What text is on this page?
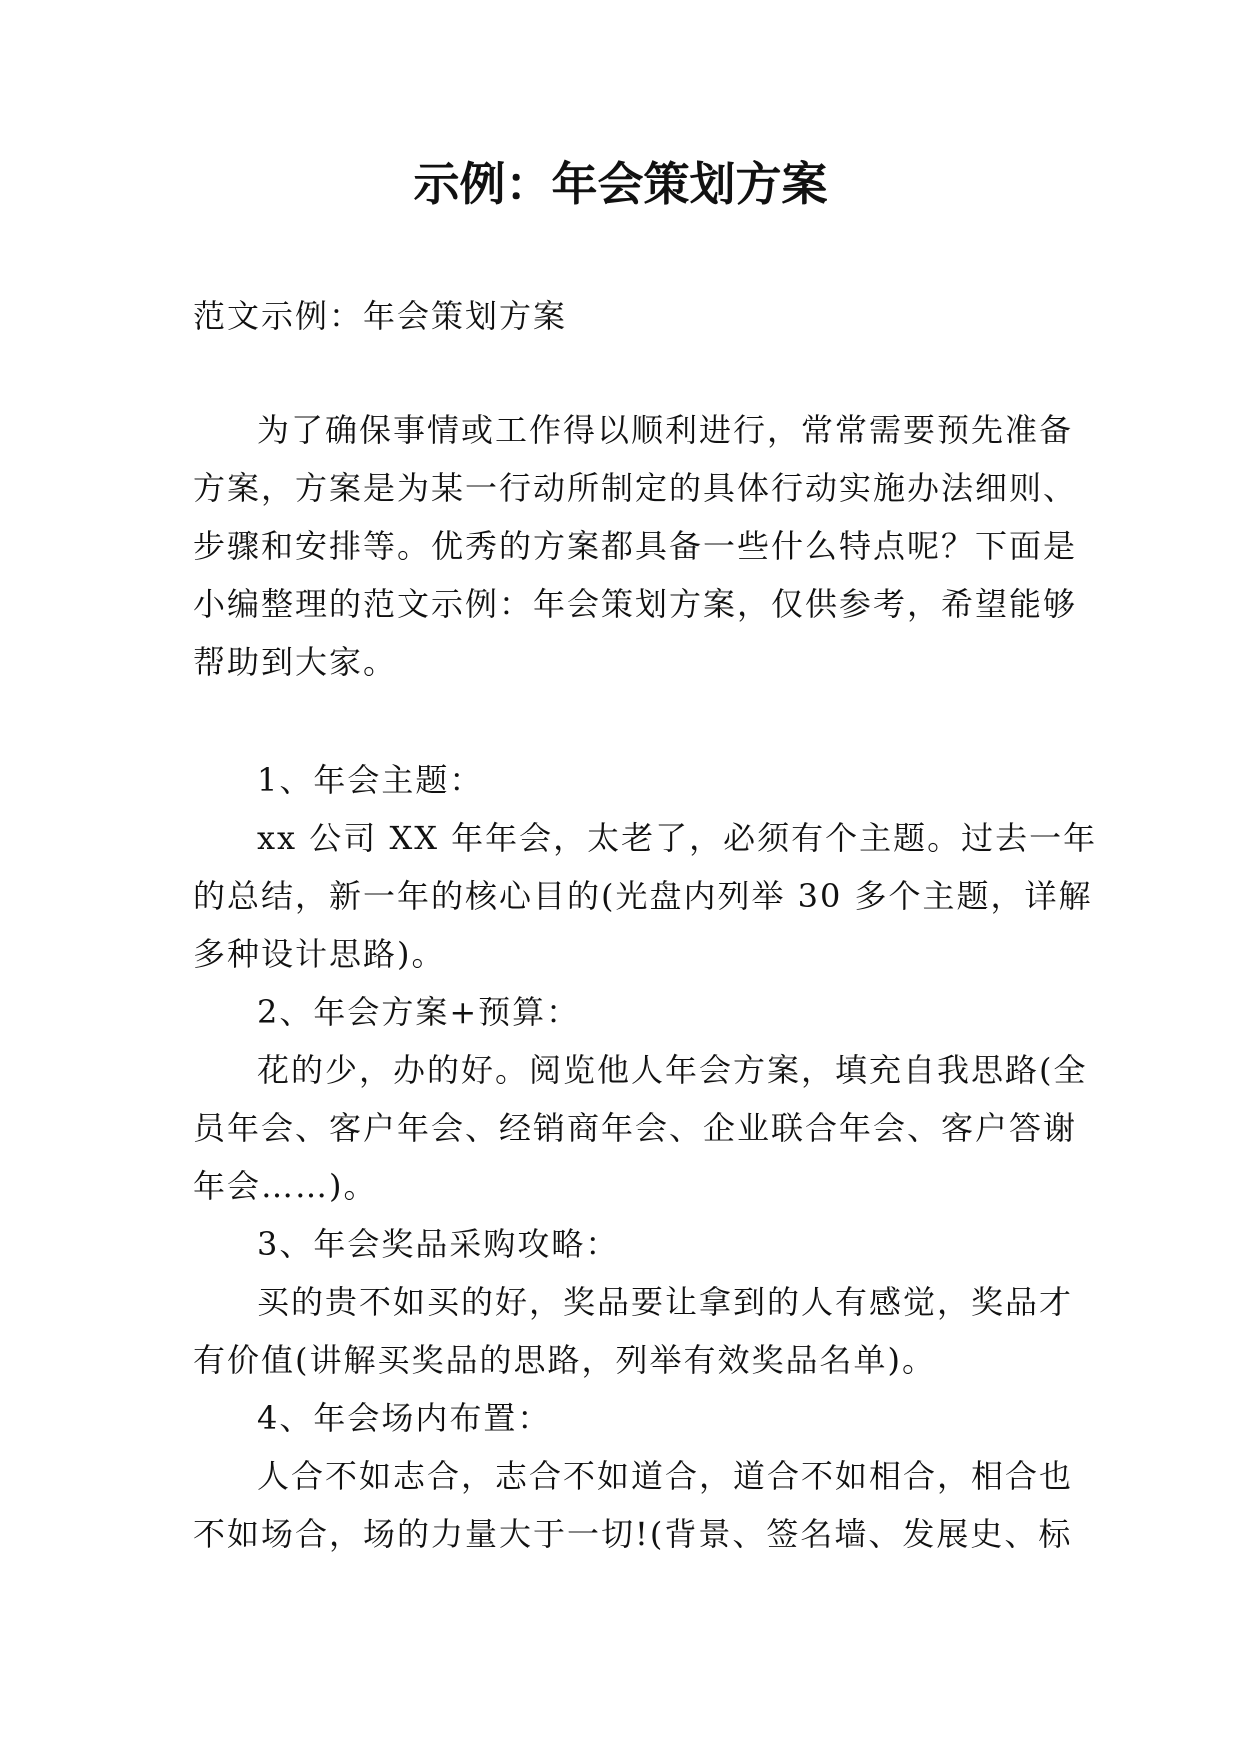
示例：年会策划方案
范文示例：年会策划方案
为了确保事情或工作得以顺利进行，常常需要预先准备
方案，方案是为某一行动所制定的具体行动实施办法细则、
步骤和安排等。优秀的方案都具备一些什么特点呢？下面是
小编整理的范文示例：年会策划方案，仅供参考，希望能够
帮助到大家。
1、年会主题：
xx 公司 XX 年年会，太老了，必须有个主题。过去一年
的总结，新一年的核心目的(光盘内列举 30 多个主题，详解
多种设计思路)。
2、年会方案+预算：
花的少，办的好。阅览他人年会方案，填充自我思路(全
员年会、客户年会、经销商年会、企业联合年会、客户答谢
年会……)。
3、年会奖品采购攻略：
买的贵不如买的好，奖品要让拿到的人有感觉，奖品才
有价值(讲解买奖品的思路，列举有效奖品名单)。
4、年会场内布置：
人合不如志合，志合不如道合，道合不如相合，相合也
不如场合，场的力量大于一切!(背景、签名墙、发展史、标
